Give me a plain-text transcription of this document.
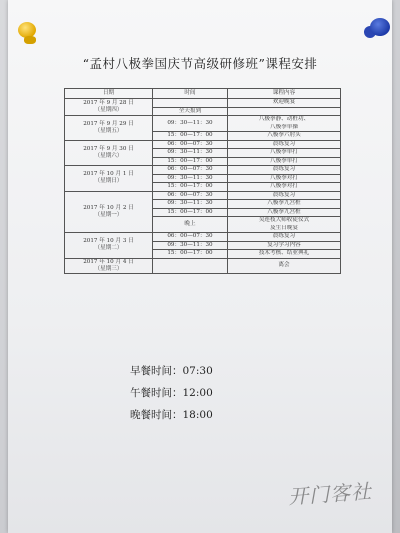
“孟村八极拳国庆节高级研修班”课程安排
日期	时间	课程内容
2017 年 9 月 28 日
（星期四）		欢迎晚宴
	全天报到	
2017 年 9 月 29 日
（星期五）	09：30—11：30	八极拳静、动桩功、
		八极拳单操
	15：00—17：00	八极拳六肘头
2017 年 9 月 30 日
（星期六）	06：00—07：30	晨练复习
	09：30—11：30	八极拳单打
	15：00—17：00	八极拳单打
2017 年 10 月 1 日
（星期日）	06：00—07：30	晨练复习
	09：30—11：30	八极拳对打
	15：00—17：00	八极拳对打
2017 年 10 月 2 日
（星期一）	06：00—07：30	晨练复习
	09：30—11：30	八极拳九宫桩
	15：00—17：00	八极拳九宫桩
	晚上	吴连枝大师收徒仪式
		及生日晚宴
2017 年 10 月 3 日
（星期二）	06：00—07：30	晨练复习
	09：30—11：30	复习学习内容
	15：00—17：00	技术考核、结业典礼
2017 年 10 月 4 日
（星期三）		离会

早餐时间：07:30
午餐时间：12:00
晚餐时间：18:00
开门客社
